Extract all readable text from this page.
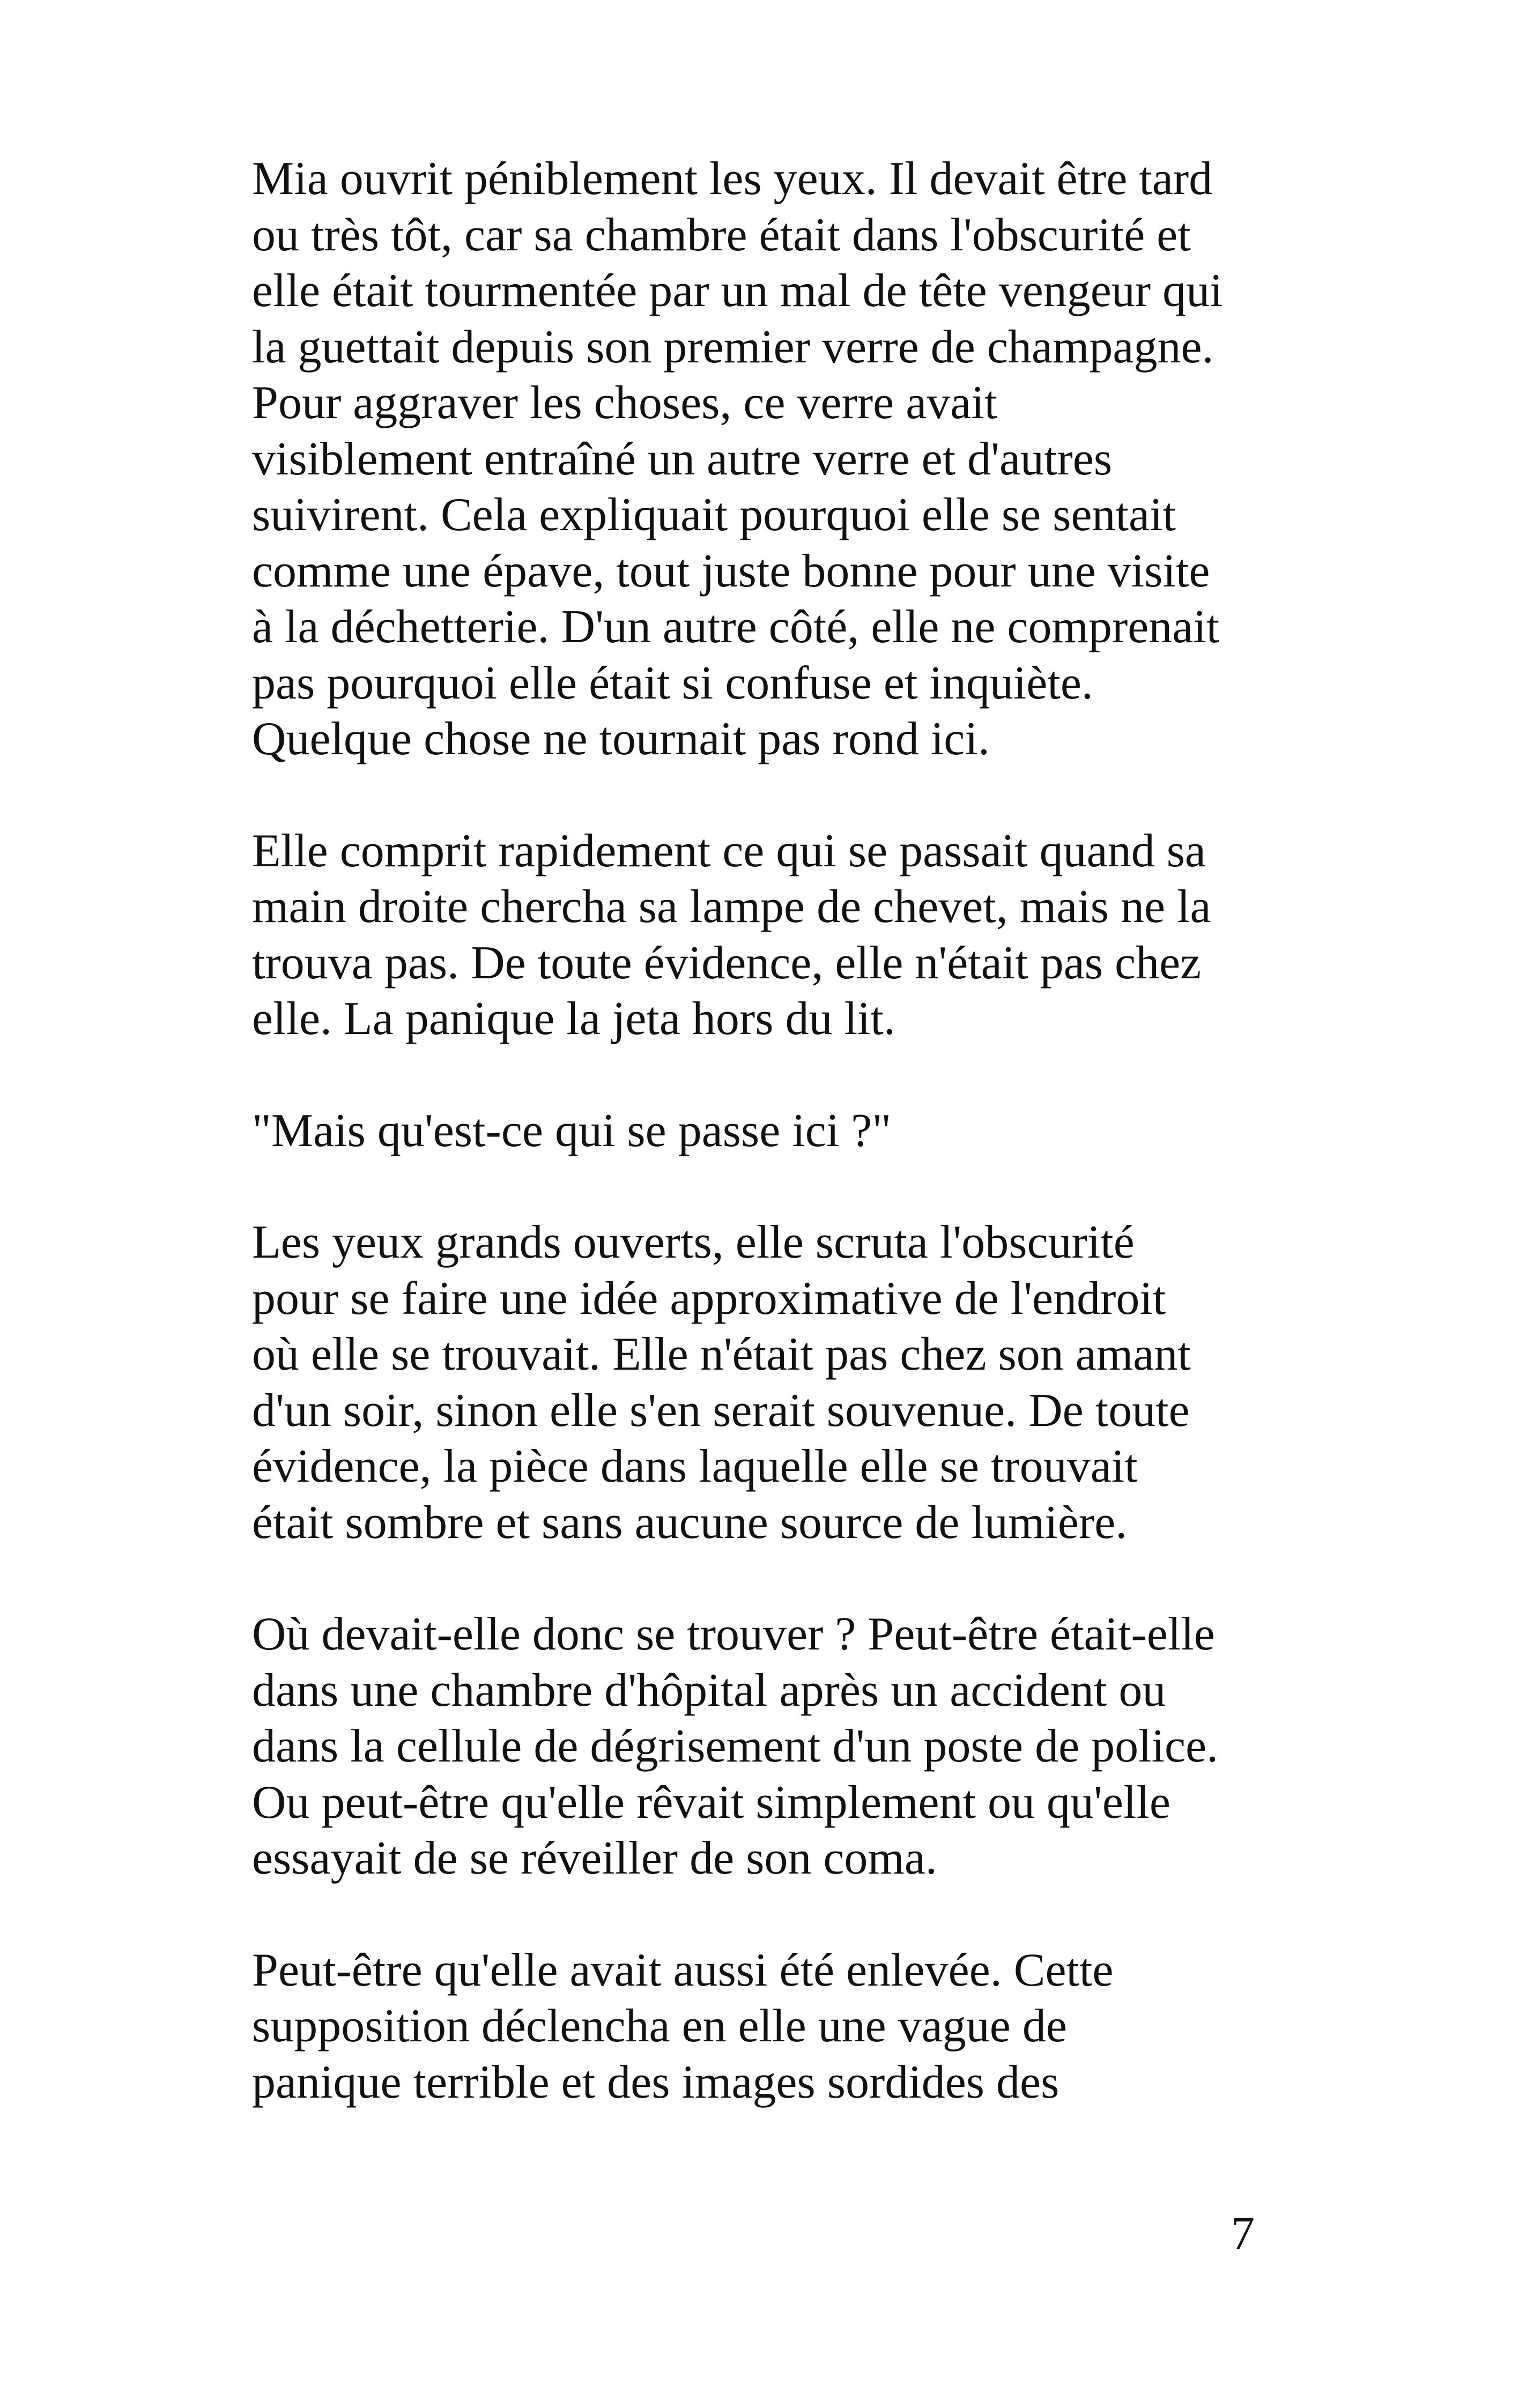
Mia ouvrit péniblement les yeux. Il devait être tard
ou très tôt, car sa chambre était dans l'obscurité et
elle était tourmentée par un mal de tête vengeur qui
la guettait depuis son premier verre de champagne.
Pour aggraver les choses, ce verre avait
visiblement entraîné un autre verre et d'autres
suivirent. Cela expliquait pourquoi elle se sentait
comme une épave, tout juste bonne pour une visite
à la déchetterie. D'un autre côté, elle ne comprenait
pas pourquoi elle était si confuse et inquiète.
Quelque chose ne tournait pas rond ici.

Elle comprit rapidement ce qui se passait quand sa
main droite chercha sa lampe de chevet, mais ne la
trouva pas. De toute évidence, elle n'était pas chez
elle. La panique la jeta hors du lit.

"Mais qu'est-ce qui se passe ici ?"

Les yeux grands ouverts, elle scruta l'obscurité
pour se faire une idée approximative de l'endroit
où elle se trouvait. Elle n'était pas chez son amant
d'un soir, sinon elle s'en serait souvenue. De toute
évidence, la pièce dans laquelle elle se trouvait
était sombre et sans aucune source de lumière.

Où devait-elle donc se trouver ? Peut-être était-elle
dans une chambre d'hôpital après un accident ou
dans la cellule de dégrisement d'un poste de police.
Ou peut-être qu'elle rêvait simplement ou qu'elle
essayait de se réveiller de son coma.

Peut-être qu'elle avait aussi été enlevée. Cette
supposition déclencha en elle une vague de
panique terrible et des images sordides des

7
